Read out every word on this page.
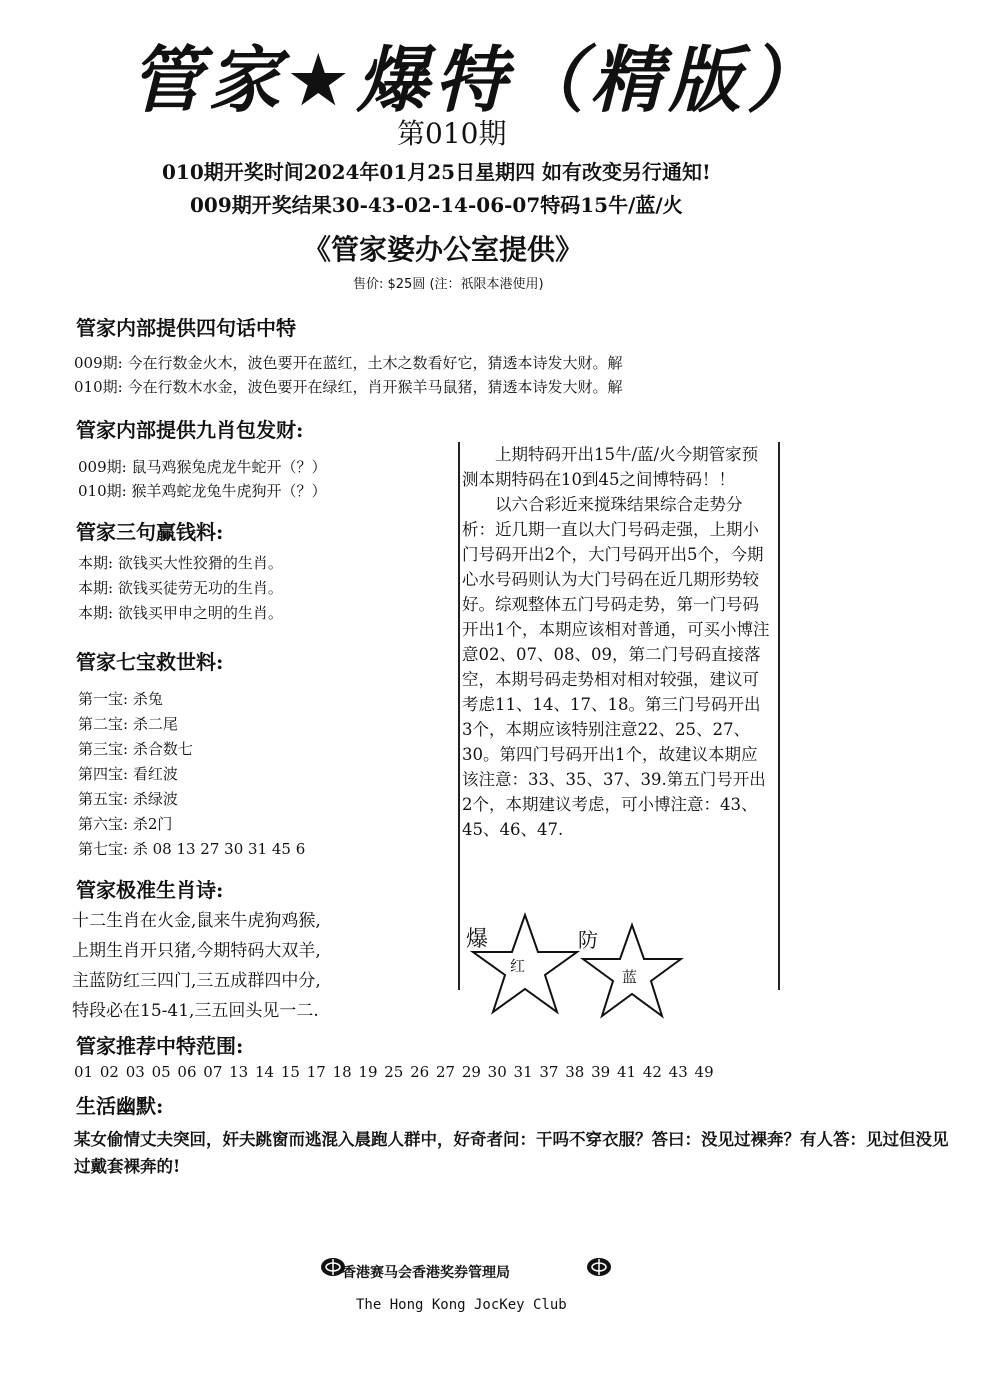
管家★爆特（精版）
第010期
010期开奖时间2024年01月25日星期四 如有改变另行通知!
009期开奖结果30-43-02-14-06-07特码15牛/蓝/火
《管家婆办公室提供》
售价: $25圆 (注：祇限本港使用)
管家内部提供四句话中特
009期: 今在行数金火木，波色要开在蓝红，土木之数看好它，猜透本诗发大财。解
010期: 今在行数木水金，波色要开在绿红，肖开猴羊马鼠猪，猜透本诗发大财。解
管家内部提供九肖包发财:
009期: 鼠马鸡猴兔虎龙牛蛇开（？）
010期: 猴羊鸡蛇龙兔牛虎狗开（？）
管家三句赢钱料:
本期: 欲钱买大性狡猾的生肖。
本期: 欲钱买徒劳无功的生肖。
本期: 欲钱买甲申之明的生肖。
管家七宝救世料:
第一宝: 杀兔
第二宝: 杀二尾
第三宝: 杀合数七
第四宝: 看红波
第五宝: 杀绿波
第六宝: 杀2门
第七宝: 杀 08 13 27 30 31 45 6
管家极准生肖诗:
十二生肖在火金,鼠来牛虎狗鸡猴,
上期生肖开只猪,今期特码大双羊,
主蓝防红三四门,三五成群四中分,
特段必在15-41,三五回头见一二.

上期特码开出15牛/蓝/火今期管家预测本期特码在10到45之间博特码！！

以六合彩近来搅珠结果综合走势分析：近几期一直以大门号码走强，上期小门号码开出2个，大门号码开出5个，今期心水号码则认为大门号码在近几期形势较好。综观整体五门号码走势，第一门号码开出1个，本期应该相对普通，可买小博注意02、07、08、09，第二门号码直接落空，本期号码走势相对相对较强，建议可考虑11、14、17、18。第三门号码开出3个，本期应该特别注意22、25、27、30。第四门号码开出1个，故建议本期应该注意：33、35、37、39.第五门号开出2个，本期建议考虑，可小博注意：43、45、46、47.

爆	防
红
蓝
管家推荐中特范围:
01 02 03 05 06 07 13 14 15 17 18 19 25 26 27 29 30 31 37 38 39 41 42 43 49
生活幽默:
某女偷情丈夫突回，奸夫跳窗而逃混入晨跑人群中，好奇者问：干吗不穿衣服？答曰：没见过裸奔？有人答：见过但没见过戴套裸奔的!
香港赛马会香港奖券管理局
The Hong Kong JocKey Club
